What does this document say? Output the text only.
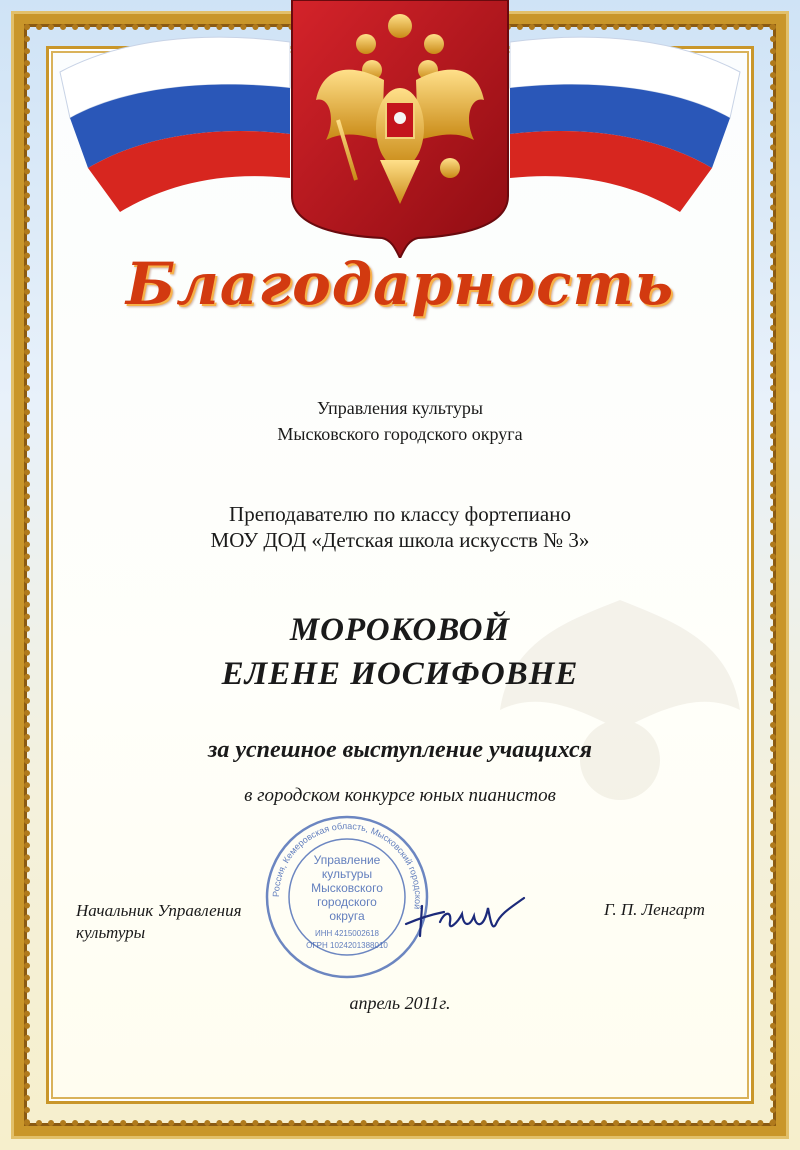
Благодарность
Управления культуры
Мысковского городского округа
Преподавателю по классу фортепиано
МОУ ДОД «Детская школа искусств № 3»
МОРОКОВОЙ
ЕЛЕНЕ ИОСИФОВНЕ
за успешное выступление учащихся
в городском конкурсе юных пианистов
Россия, Кемеровская область, Мысковский городской
Управление
культуры
Мысковского
городского
округа
ИНН 4215002618
ОГРН 1024201388010
Начальник Управления
культуры
Г. П. Ленгарт
апрель 2011г.
